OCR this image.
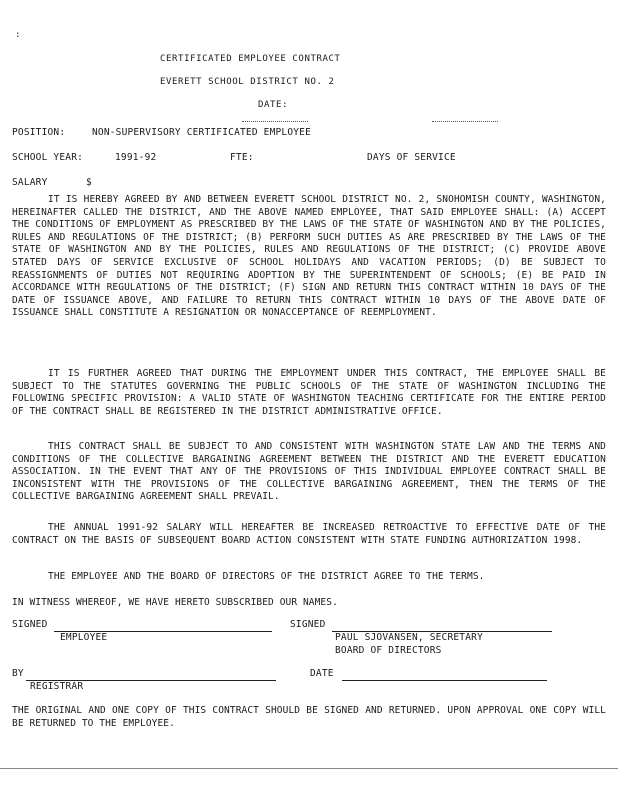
:
CERTIFICATED EMPLOYEE CONTRACT
EVERETT SCHOOL DISTRICT NO. 2
DATE:
POSITION:	NON-SUPERVISORY CERTIFICATED EMPLOYEE
SCHOOL YEAR:	1991-92	FTE:	DAYS OF SERVICE
SALARY	$

IT IS HEREBY AGREED BY AND BETWEEN EVERETT SCHOOL DISTRICT NO. 2, SNOHOMISH COUNTY, WASHINGTON, HEREINAFTER CALLED THE DISTRICT, AND THE ABOVE NAMED EMPLOYEE, THAT SAID EMPLOYEE SHALL: (A) ACCEPT THE CONDITIONS OF EMPLOYMENT AS PRESCRIBED BY THE LAWS OF THE STATE OF WASHINGTON AND BY THE POLICIES, RULES AND REGULATIONS OF THE DISTRICT; (B) PERFORM SUCH DUTIES AS ARE PRESCRIBED BY THE LAWS OF THE STATE OF WASHINGTON AND BY THE POLICIES, RULES AND REGULATIONS OF THE DISTRICT; (C) PROVIDE ABOVE STATED DAYS OF SERVICE EXCLUSIVE OF SCHOOL HOLIDAYS AND VACATION PERIODS; (D) BE SUBJECT TO REASSIGNMENTS OF DUTIES NOT REQUIRING ADOPTION BY THE SUPERINTENDENT OF SCHOOLS; (E) BE PAID IN ACCORDANCE WITH REGULATIONS OF THE DISTRICT; (F) SIGN AND RETURN THIS CONTRACT WITHIN 10 DAYS OF THE DATE OF ISSUANCE ABOVE, AND FAILURE TO RETURN THIS CONTRACT WITHIN 10 DAYS OF THE ABOVE DATE OF ISSUANCE SHALL CONSTITUTE A RESIGNATION OR NONACCEPTANCE OF REEMPLOYMENT.

IT IS FURTHER AGREED THAT DURING THE EMPLOYMENT UNDER THIS CONTRACT, THE EMPLOYEE SHALL BE SUBJECT TO THE STATUTES GOVERNING THE PUBLIC SCHOOLS OF THE STATE OF WASHINGTON INCLUDING THE FOLLOWING SPECIFIC PROVISION: A VALID STATE OF WASHINGTON TEACHING CERTIFICATE FOR THE ENTIRE PERIOD OF THE CONTRACT SHALL BE REGISTERED IN THE DISTRICT ADMINISTRATIVE OFFICE.

THIS CONTRACT SHALL BE SUBJECT TO AND CONSISTENT WITH WASHINGTON STATE LAW AND THE TERMS AND CONDITIONS OF THE COLLECTIVE BARGAINING AGREEMENT BETWEEN THE DISTRICT AND THE EVERETT EDUCATION ASSOCIATION. IN THE EVENT THAT ANY OF THE PROVISIONS OF THIS INDIVIDUAL EMPLOYEE CONTRACT SHALL BE INCONSISTENT WITH THE PROVISIONS OF THE COLLECTIVE BARGAINING AGREEMENT, THEN THE TERMS OF THE COLLECTIVE BARGAINING AGREEMENT SHALL PREVAIL.

THE ANNUAL 1991-92 SALARY WILL HEREAFTER BE INCREASED RETROACTIVE TO EFFECTIVE DATE OF THE CONTRACT ON THE BASIS OF SUBSEQUENT BOARD ACTION CONSISTENT WITH STATE FUNDING AUTHORIZATION 1998.

THE EMPLOYEE AND THE BOARD OF DIRECTORS OF THE DISTRICT AGREE TO THE TERMS.

IN WITNESS WHEREOF, WE HAVE HERETO SUBSCRIBED OUR NAMES.

SIGNED
EMPLOYEE
SIGNED
PAUL SJOVANSEN, SECRETARY
BOARD OF DIRECTORS
BY
REGISTRAR
DATE

THE ORIGINAL AND ONE COPY OF THIS CONTRACT SHOULD BE SIGNED AND RETURNED. UPON APPROVAL ONE COPY WILL BE RETURNED TO THE EMPLOYEE.
